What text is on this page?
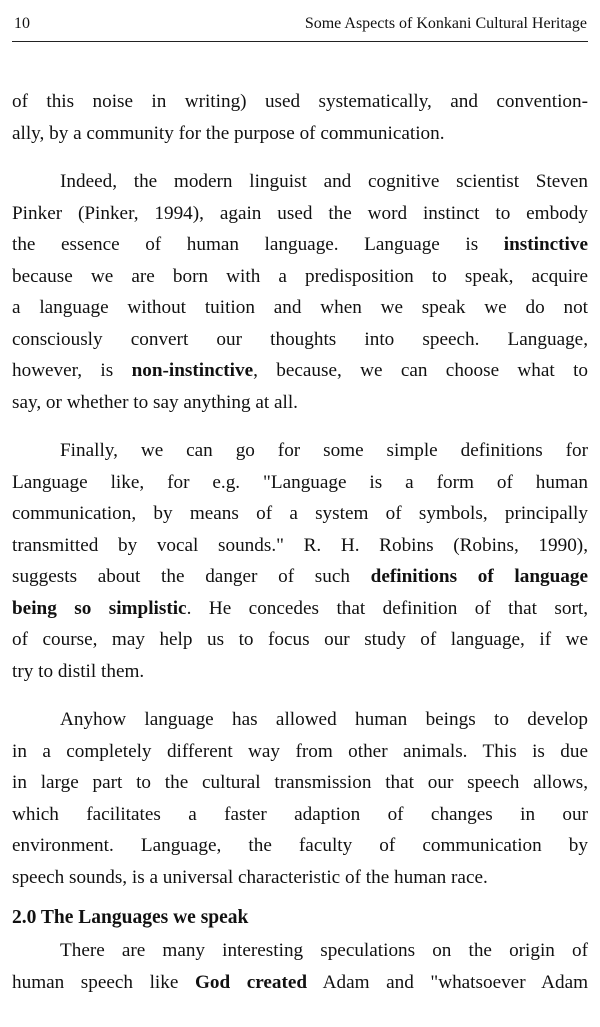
10	Some Aspects of Konkani Cultural Heritage
of this noise in writing) used systematically, and convention-
ally, by a community for the purpose of communication.
Indeed, the modern linguist and cognitive scientist Steven
Pinker (Pinker, 1994), again used the word instinct to embody
the essence of human language. Language is instinctive
because we are born with a predisposition to speak, acquire
a language without tuition and when we speak we do not
consciously convert our thoughts into speech. Language,
however, is non-instinctive, because, we can choose what to
say, or whether to say anything at all.
Finally, we can go for some simple definitions for
Language like, for e.g. "Language is a form of human
communication, by means of a system of symbols, principally
transmitted by vocal sounds." R. H. Robins (Robins, 1990),
suggests about the danger of such definitions of language
being so simplistic. He concedes that definition of that sort,
of course, may help us to focus our study of language, if we
try to distil them.
Anyhow language has allowed human beings to develop
in a completely different way from other animals. This is due
in large part to the cultural transmission that our speech allows,
which facilitates a faster adaption of changes in our
environment. Language, the faculty of communication by
speech sounds, is a universal characteristic of the human race.
2.0 The Languages we speak
There are many interesting speculations on the origin of
human speech like God created Adam and "whatsoever Adam
